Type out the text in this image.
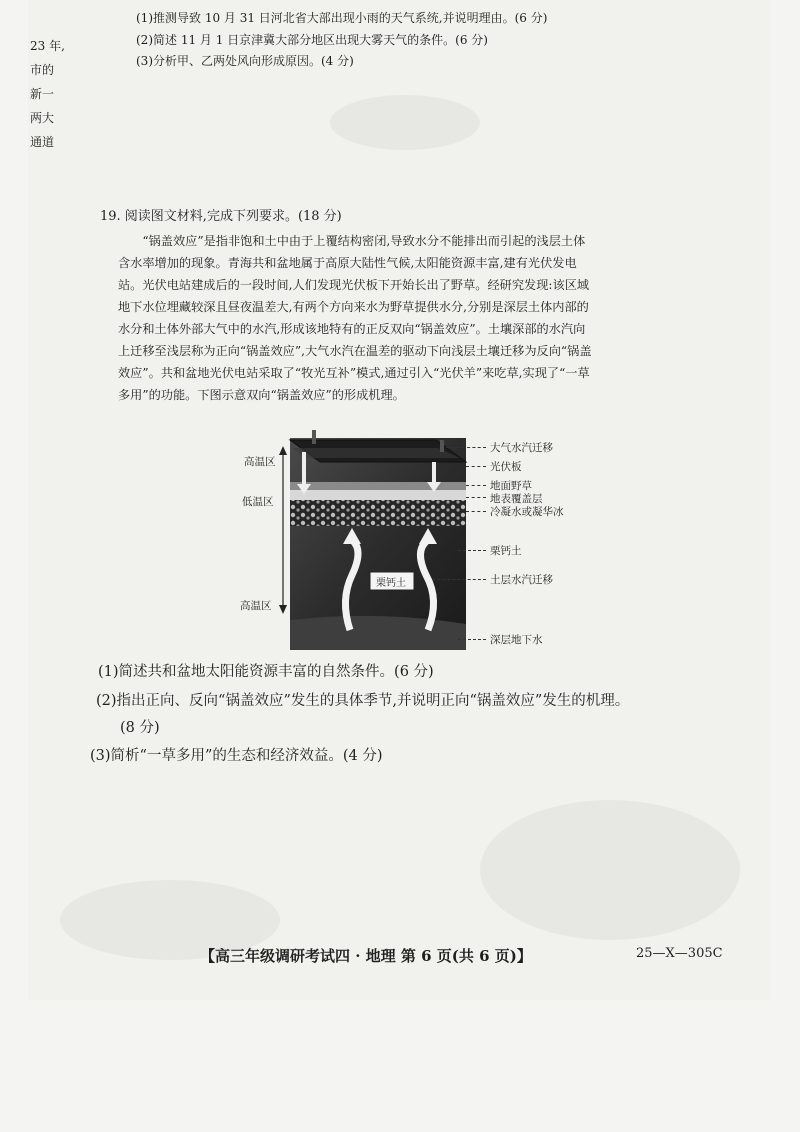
23 年,
市的
新一
两大
通道
(1)推测导致 10 月 31 日河北省大部出现小雨的天气系统,并说明理由。(6 分)
(2)简述 11 月 1 日京津冀大部分地区出现大雾天气的条件。(6 分)
(3)分析甲、乙两处风向形成原因。(4 分)
19. 阅读图文材料,完成下列要求。(18 分)

“锅盖效应”是指非饱和土中由于上覆结构密闭,导致水分不能排出而引起的浅层土体

含水率增加的现象。青海共和盆地属于高原大陆性气候,太阳能资源丰富,建有光伏发电

站。光伏电站建成后的一段时间,人们发现光伏板下开始长出了野草。经研究发现:该区域

地下水位埋藏较深且昼夜温差大,有两个方向来水为野草提供水分,分别是深层土体内部的

水分和土体外部大气中的水汽,形成该地特有的正反双向“锅盖效应”。土壤深部的水汽向

上迁移至浅层称为正向“锅盖效应”,大气水汽在温差的驱动下向浅层土壤迁移为反向“锅盖

效应”。共和盆地光伏电站采取了“牧光互补”模式,通过引入“光伏羊”来吃草,实现了“一草

多用”的功能。下图示意双向“锅盖效应”的形成机理。

高温区
低温区
高温区
大气水汽迁移
光伏板
地面野草
地表覆盖层
冷凝水或凝华冰
栗钙土
土层水汽迁移
深层地下水
栗钙土
(1)简述共和盆地太阳能资源丰富的自然条件。(6 分)
(2)指出正向、反向“锅盖效应”发生的具体季节,并说明正向“锅盖效应”发生的机理。
(8 分)
(3)简析“一草多用”的生态和经济效益。(4 分)
【高三年级调研考试四 · 地理 第 6 页(共 6 页)】	25—X—305C
